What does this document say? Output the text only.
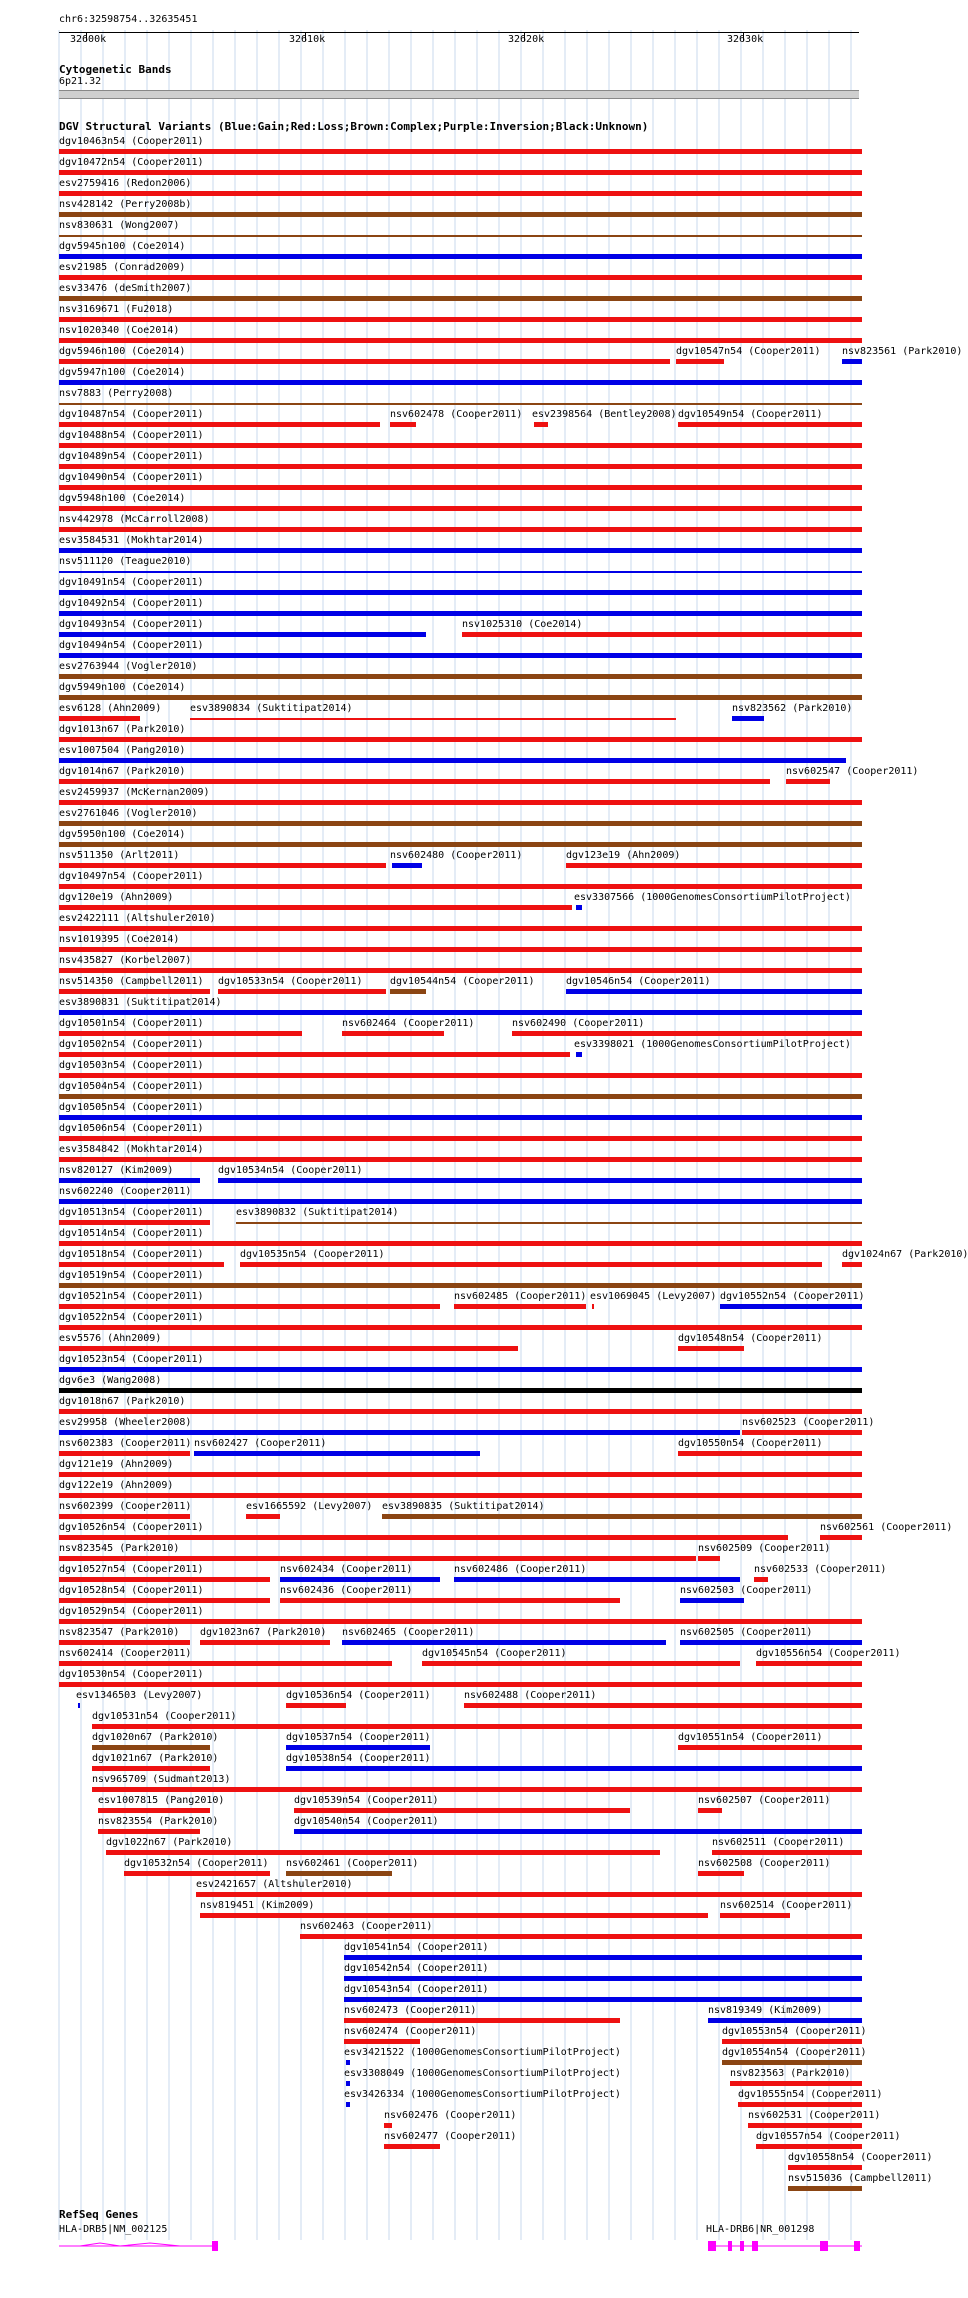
chr6:32598754..32635451
32600k	32610k	32620k	32630k
Cytogenetic Bands
6p21.32
DGV Structural Variants (Blue:Gain;Red:Loss;Brown:Complex;Purple:Inversion;Black:Unknown)
dgv10463n54 (Cooper2011)
dgv10472n54 (Cooper2011)
esv2759416 (Redon2006)
nsv428142 (Perry2008b)
nsv830631 (Wong2007)
dgv5945n100 (Coe2014)
esv21985 (Conrad2009)
esv33476 (deSmith2007)
nsv3169671 (Fu2018)
nsv1020340 (Coe2014)
dgv5946n100 (Coe2014)	dgv10547n54 (Cooper2011) nsv823561 (Park2010)
dgv5947n100 (Coe2014)
nsv7883 (Perry2008)
dgv10487n54 (Cooper2011)	nsv602478 (Cooper2011) esv2398564 (Bentley2008) dgv10549n54 (Cooper2011)
dgv10488n54 (Cooper2011)
dgv10489n54 (Cooper2011)
dgv10490n54 (Cooper2011)
dgv5948n100 (Coe2014)
nsv442978 (McCarroll2008)
esv3584531 (Mokhtar2014)
nsv511120 (Teague2010)
dgv10491n54 (Cooper2011)
dgv10492n54 (Cooper2011)
dgv10493n54 (Cooper2011)	nsv1025310 (Coe2014)
dgv10494n54 (Cooper2011)
esv2763944 (Vogler2010)
dgv5949n100 (Coe2014)
esv6128 (Ahn2009)	esv3890834 (Suktitipat2014)	nsv823562 (Park2010)
dgv1013n67 (Park2010)
esv1007504 (Pang2010)
dgv1014n67 (Park2010)	nsv602547 (Cooper2011)
esv2459937 (McKernan2009)
esv2761046 (Vogler2010)
dgv5950n100 (Coe2014)
nsv511350 (Arlt2011)	nsv602480 (Cooper2011)	dgv123e19 (Ahn2009)
dgv10497n54 (Cooper2011)
dgv120e19 (Ahn2009)	esv3307566 (1000GenomesConsortiumPilotProject)
esv2422111 (Altshuler2010)
nsv1019395 (Coe2014)
nsv435827 (Korbel2007)
nsv514350 (Campbell2011) dgv10533n54 (Cooper2011)	dgv10544n54 (Cooper2011)	dgv10546n54 (Cooper2011)
esv3890831 (Suktitipat2014)
dgv10501n54 (Cooper2011)	nsv602464 (Cooper2011)	nsv602490 (Cooper2011)
dgv10502n54 (Cooper2011)	esv3398021 (1000GenomesConsortiumPilotProject)
dgv10503n54 (Cooper2011)
dgv10504n54 (Cooper2011)
dgv10505n54 (Cooper2011)
dgv10506n54 (Cooper2011)
esv3584842 (Mokhtar2014)
nsv820127 (Kim2009)	dgv10534n54 (Cooper2011)
nsv602240 (Cooper2011)
dgv10513n54 (Cooper2011)	esv3890832 (Suktitipat2014)
dgv10514n54 (Cooper2011)
dgv10518n54 (Cooper2011)	dgv10535n54 (Cooper2011)	dgv1024n67 (Park2010)
dgv10519n54 (Cooper2011)
dgv10521n54 (Cooper2011)	nsv602485 (Cooper2011) esv1069045 (Levy2007) dgv10552n54 (Cooper2011)
dgv10522n54 (Cooper2011)
esv5576 (Ahn2009)	dgv10548n54 (Cooper2011)
dgv10523n54 (Cooper2011)
dgv6e3 (Wang2008)
dgv1018n67 (Park2010)
esv29958 (Wheeler2008)	nsv602523 (Cooper2011)
nsv602383 (Cooper2011) nsv602427 (Cooper2011)	dgv10550n54 (Cooper2011)
dgv121e19 (Ahn2009)
dgv122e19 (Ahn2009)
nsv602399 (Cooper2011)	esv1665592 (Levy2007) esv3890835 (Suktitipat2014)
dgv10526n54 (Cooper2011)	nsv602561 (Cooper2011)
nsv823545 (Park2010)	nsv602509 (Cooper2011)
dgv10527n54 (Cooper2011)	nsv602434 (Cooper2011)	nsv602486 (Cooper2011)	nsv602533 (Cooper2011)
dgv10528n54 (Cooper2011)	nsv602436 (Cooper2011)	nsv602503 (Cooper2011)
dgv10529n54 (Cooper2011)
nsv823547 (Park2010) dgv1023n67 (Park2010) nsv602465 (Cooper2011)	nsv602505 (Cooper2011)
nsv602414 (Cooper2011)	dgv10545n54 (Cooper2011)	dgv10556n54 (Cooper2011)
dgv10530n54 (Cooper2011)
esv1346503 (Levy2007)	dgv10536n54 (Cooper2011)	nsv602488 (Cooper2011)
dgv10531n54 (Cooper2011)
dgv1020n67 (Park2010)	dgv10537n54 (Cooper2011)	dgv10551n54 (Cooper2011)
dgv1021n67 (Park2010)	dgv10538n54 (Cooper2011)
nsv965709 (Sudmant2013)
esv1007815 (Pang2010)	dgv10539n54 (Cooper2011)	nsv602507 (Cooper2011)
nsv823554 (Park2010)	dgv10540n54 (Cooper2011)
dgv1022n67 (Park2010)	nsv602511 (Cooper2011)
dgv10532n54 (Cooper2011) nsv602461 (Cooper2011)	nsv602508 (Cooper2011)
esv2421657 (Altshuler2010)
nsv819451 (Kim2009)	nsv602514 (Cooper2011)
nsv602463 (Cooper2011)
dgv10541n54 (Cooper2011)
dgv10542n54 (Cooper2011)
dgv10543n54 (Cooper2011)
nsv602473 (Cooper2011)	nsv819349 (Kim2009)
nsv602474 (Cooper2011)	dgv10553n54 (Cooper2011)
esv3421522 (1000GenomesConsortiumPilotProject)	dgv10554n54 (Cooper2011)
esv3308049 (1000GenomesConsortiumPilotProject)	nsv823563 (Park2010)
esv3426334 (1000GenomesConsortiumPilotProject)	dgv10555n54 (Cooper2011)
nsv602476 (Cooper2011)	nsv602531 (Cooper2011)
nsv602477 (Cooper2011)	dgv10557n54 (Cooper2011)
dgv10558n54 (Cooper2011)
nsv515036 (Campbell2011)
RefSeq Genes
HLA-DRB5|NM_002125	HLA-DRB6|NR_001298
